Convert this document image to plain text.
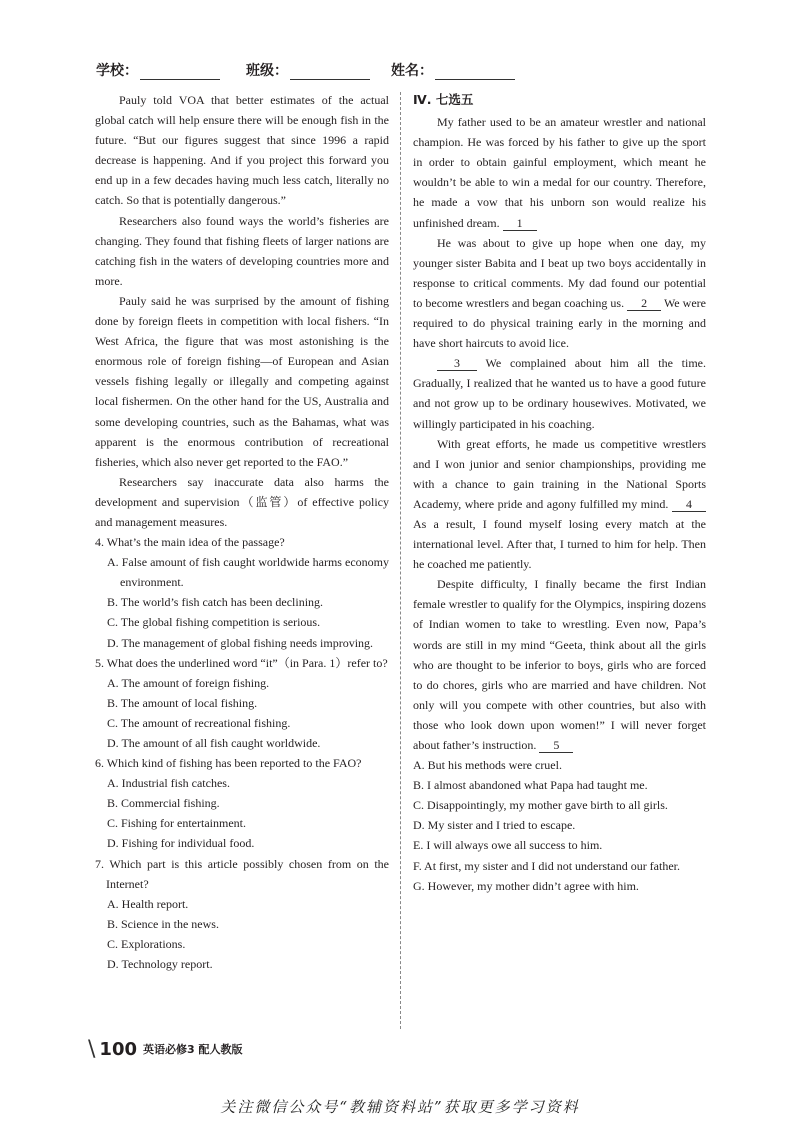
学校：	班级：	姓名：

Pauly told VOA that better estimates of the actual global catch will help ensure there will be enough fish in the future. “But our figures suggest that since 1996 a rapid decrease is happening. And if you project this forward you end up in a few decades having much less catch, literally no catch. So that is potentially dangerous.”

Researchers also found ways the world’s fisheries are changing. They found that fishing fleets of larger nations are catching fish in the waters of developing countries more and more.

Pauly said he was surprised by the amount of fishing done by foreign fleets in competition with local fishers. “In West Africa, the figure that was most astonishing is the enormous role of foreign fishing—of European and Asian vessels fishing legally or illegally and competing against local fishermen. On the other hand for the US, Australia and some developing countries, such as the Bahamas, what was apparent is the enormous contribution of recreational fisheries, which also never get reported to the FAO.”

Researchers say inaccurate data also harms the development and supervision（监管）of effective policy and management measures.

4. What’s the main idea of the passage?

A. False amount of fish caught worldwide harms economy environment.

B. The world’s fish catch has been declining.

C. The global fishing competition is serious.

D. The management of global fishing needs improving.

5. What does the underlined word “it”（in Para. 1）refer to?

A. The amount of foreign fishing.

B. The amount of local fishing.

C. The amount of recreational fishing.

D. The amount of all fish caught worldwide.

6. Which kind of fishing has been reported to the FAO?

A. Industrial fish catches.

B. Commercial fishing.

C. Fishing for entertainment.

D. Fishing for individual food.

7. Which part is this article possibly chosen from on the Internet?

A. Health report.

B. Science in the news.

C. Explorations.

D. Technology report.

Ⅳ. 七选五

My father used to be an amateur wrestler and national champion. He was forced by his father to give up the sport in order to obtain gainful employment, which meant he wouldn’t be able to win a medal for our country. Therefore, he made a vow that his unborn son would realize his unfinished dream. 1

He was about to give up hope when one day, my younger sister Babita and I beat up two boys accidentally in response to critical comments. My dad found our potential to become wrestlers and began coaching us. 2 We were required to do physical training early in the morning and have short haircuts to avoid lice.

3 We complained about him all the time. Gradually, I realized that he wanted us to have a good future and not grow up to be ordinary housewives. Motivated, we willingly participated in his coaching.

With great efforts, he made us competitive wrestlers and I won junior and senior championships, providing me with a chance to gain training in the National Sports Academy, where pride and agony fulfilled my mind. 4 As a result, I found myself losing every match at the international level. After that, I turned to him for help. Then he coached me patiently.

Despite difficulty, I finally became the first Indian female wrestler to qualify for the Olympics, inspiring dozens of Indian women to take to wrestling. Even now, Papa’s words are still in my mind “Geeta, think about all the girls who are thought to be inferior to boys, girls who are forced to do chores, girls who are married and have children. Not only will you compete with other countries, but also with those who look down upon women!” I will never forget about father’s instruction. 5

A. But his methods were cruel.

B. I almost abandoned what Papa had taught me.

C. Disappointingly, my mother gave birth to all girls.

D. My sister and I tried to escape.

E. I will always owe all success to him.

F. At first, my sister and I did not understand our father.

G. However, my mother didn’t agree with him.

\ 100 英语必修3 配人教版
关注微信公众号“教辅资料站”获取更多学习资料
